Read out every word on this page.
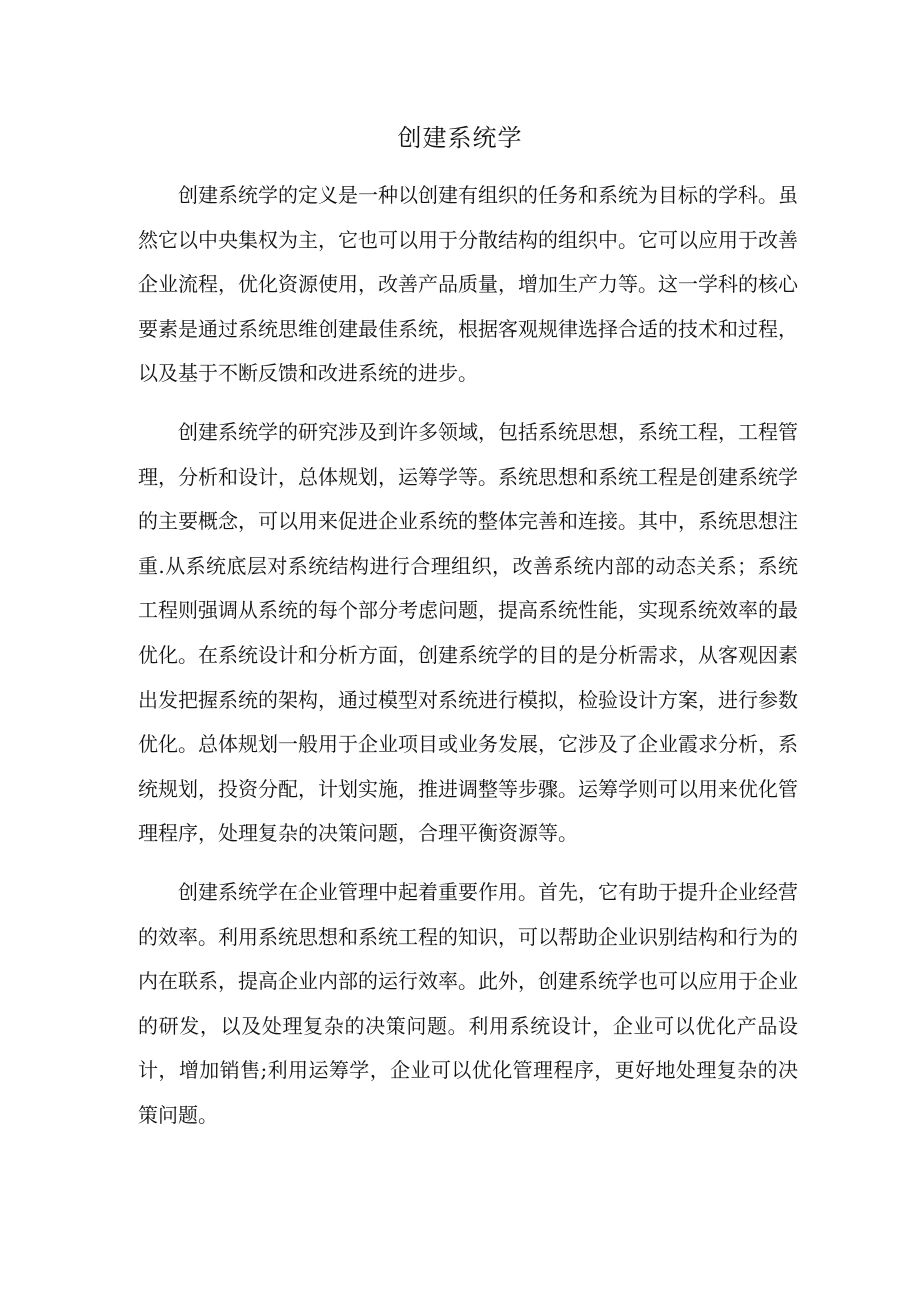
创建系统学

创建系统学的定义是一种以创建有组织的任务和系统为目标的学科。虽然它以中央集权为主，它也可以用于分散结构的组织中。它可以应用于改善企业流程，优化资源使用，改善产品质量，增加生产力等。这一学科的核心要素是通过系统思维创建最佳系统，根据客观规律选择合适的技术和过程，以及基于不断反馈和改进系统的进步。

创建系统学的研究涉及到许多领域，包括系统思想，系统工程，工程管理，分析和设计，总体规划，运筹学等。系统思想和系统工程是创建系统学的主要概念，可以用来促进企业系统的整体完善和连接。其中，系统思想注重.从系统底层对系统结构进行合理组织，改善系统内部的动态关系；系统工程则强调从系统的每个部分考虑问题，提高系统性能，实现系统效率的最优化。在系统设计和分析方面，创建系统学的目的是分析需求，从客观因素出发把握系统的架构，通过模型对系统进行模拟，检验设计方案，进行参数优化。总体规划一般用于企业项目或业务发展，它涉及了企业霞求分析，系统规划，投资分配，计划实施，推进调整等步骤。运筹学则可以用来优化管理程序，处理复杂的决策问题，合理平衡资源等。

创建系统学在企业管理中起着重要作用。首先，它有助于提升企业经营的效率。利用系统思想和系统工程的知识，可以帮助企业识别结构和行为的内在联系，提高企业内部的运行效率。此外，创建系统学也可以应用于企业的研发，以及处理复杂的决策问题。利用系统设计，企业可以优化产品设计，增加销售;利用运筹学，企业可以优化管理程序，更好地处理复杂的决策问题。
